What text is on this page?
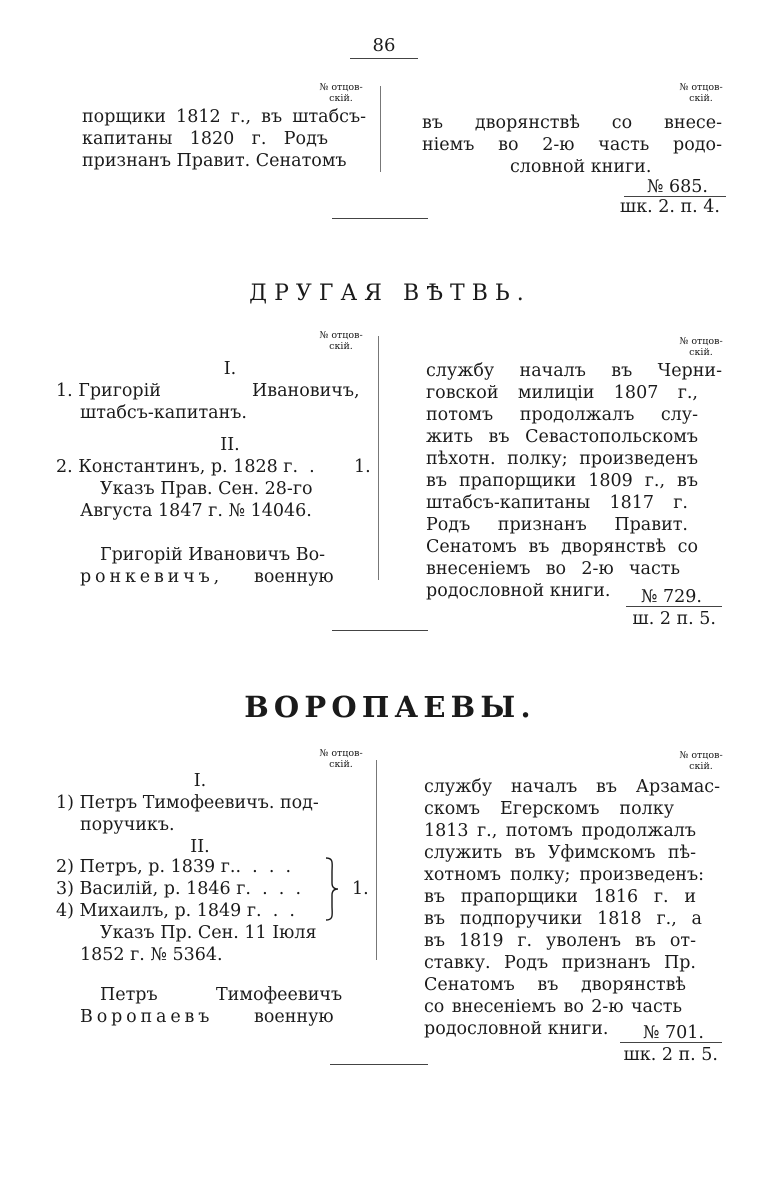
86
№ отцов-
скій.
№ отцов-
скій.
порщики 1812 г., въ штабсъ-
капитаны 1820 г. Родъ
признанъ Правит. Сенатомъ
въ дворянствѣ со внесе-
ніемъ во 2-ю часть родо-
словной книги.
№ 685.
шк. 2. п. 4.
ДРУГАЯ ВѢТВЬ.
№ отцов-
скій.	№ отцов-
скій.
I.
1. Григорій	Ивановичъ,
штабсъ-капитанъ.
II.
2. Константинъ, р. 1828 г.  . 1.
Указъ Прав. Сен. 28-го
Августа 1847 г. № 14046.
Григорій Ивановичъ Во-
ронкевичъ, военную
службу началъ въ Черни-
говской милиціи 1807 г.,
потомъ продолжалъ слу-
жить въ Севастопольскомъ
пѣхотн. полку; произведенъ
въ прапорщики 1809 г., въ
штабсъ-капитаны 1817 г.
Родъ признанъ Правит.
Сенатомъ въ дворянствѣ со
внесеніемъ во 2-ю часть
родословной книги.	№ 729.
ш. 2 п. 5.
ВОРОПАЕВЫ.
№ отцов-
скій.
№ отцов-
скій.
I.
1) Петръ Тимофеевичъ. под-
поручикъ.
II.
2) Петръ, р. 1839 г..  .  .  .
3) Василій, р. 1846 г.  .  .  .
4) Михаилъ, р. 1849 г.  .  .
1.
Указъ Пр. Сен. 11 Іюля
1852 г. № 5364.
Петръ	Тимофеевичъ
Воропаевъ военную
службу началъ въ Арзамас-
скомъ Егерскомъ полку
1813 г., потомъ продолжалъ
служить въ Уфимскомъ пѣ-
хотномъ полку; произведенъ:
въ прапорщики 1816 г. и
въ подпоручики 1818 г., а
въ 1819 г. уволенъ въ от-
ставку. Родъ признанъ Пр.
Сенатомъ въ дворянствѣ
со внесеніемъ во 2-ю часть
родословной книги.	№ 701.
шк. 2 п. 5.
